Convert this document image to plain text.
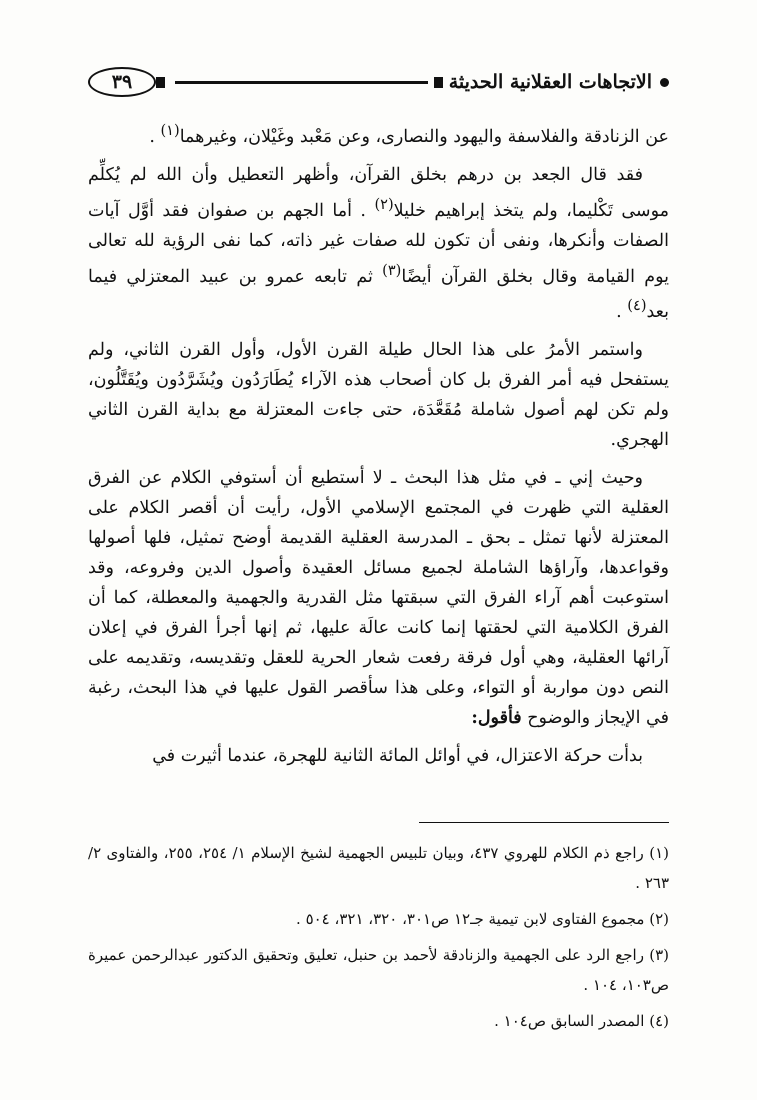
الاتجاهات العقلانية الحديثة
٣٩

عن الزنادقة والفلاسفة واليهود والنصارى، وعن مَعْبد وغَيْلان، وغيرهما$^{(١)}$ .

فقد قال الجعد بن درهم بخلق القرآن، وأظهر التعطيل وأن الله لم يُكلِّم موسى تَكْليما، ولم يتخذ إبراهيم خليلا$^{(٢)}$ . أما الجهم بن صفوان فقد أوَّل آيات الصفات وأنكرها، ونفى أن تكون لله صفات غير ذاته، كما نفى الرؤية لله تعالى يوم القيامة وقال بخلق القرآن أيضًا$^{(٣)}$ ثم تابعه عمرو بن عبيد المعتزلي فيما بعد$^{(٤)}$ .

واستمر الأمرُ على هذا الحال طيلة القرن الأول، وأول القرن الثاني، ولم يستفحل فيه أمر الفرق بل كان أصحاب هذه الآراء يُطَارَدُون ويُشَرَّدُون ويُقَتَّلُون، ولم تكن لهم أصول شاملة مُقَعَّدَة، حتى جاءت المعتزلة مع بداية القرن الثاني الهجري.

وحيث إني ـ في مثل هذا البحث ـ لا أستطيع أن أستوفي الكلام عن الفرق العقلية التي ظهرت في المجتمع الإسلامي الأول، رأيت أن أقصر الكلام على المعتزلة لأنها تمثل ـ بحق ـ المدرسة العقلية القديمة أوضح تمثيل، فلها أصولها وقواعدها، وآراؤها الشاملة لجميع مسائل العقيدة وأصول الدين وفروعه، وقد استوعبت أهم آراء الفرق التي سبقتها مثل القدرية والجهمية والمعطلة، كما أن الفرق الكلامية التي لحقتها إنما كانت عالَة عليها، ثم إنها أجرأ الفرق في إعلان آرائها العقلية، وهي أول فرقة رفعت شعار الحرية للعقل وتقديسه، وتقديمه على النص دون مواربة أو التواء، وعلى هذا سأقصر القول عليها في هذا البحث، رغبة في الإيجاز والوضوح فأقول:

بدأت حركة الاعتزال، في أوائل المائة الثانية للهجرة، عندما أثيرت في

(١) راجع ذم الكلام للهروي ٤٣٧، وبيان تلبيس الجهمية لشيخ الإسلام ١/ ٢٥٤، ٢٥٥، والفتاوى ٢/ ٢٦٣ .
(٢) مجموع الفتاوى لابن تيمية جـ١٢ ص٣٠١، ٣٢٠، ٣٢١، ٥٠٤ .
(٣) راجع الرد على الجهمية والزنادقة لأحمد بن حنبل، تعليق وتحقيق الدكتور عبدالرحمن عميرة ص١٠٣، ١٠٤ .
(٤) المصدر السابق ص١٠٤ .
